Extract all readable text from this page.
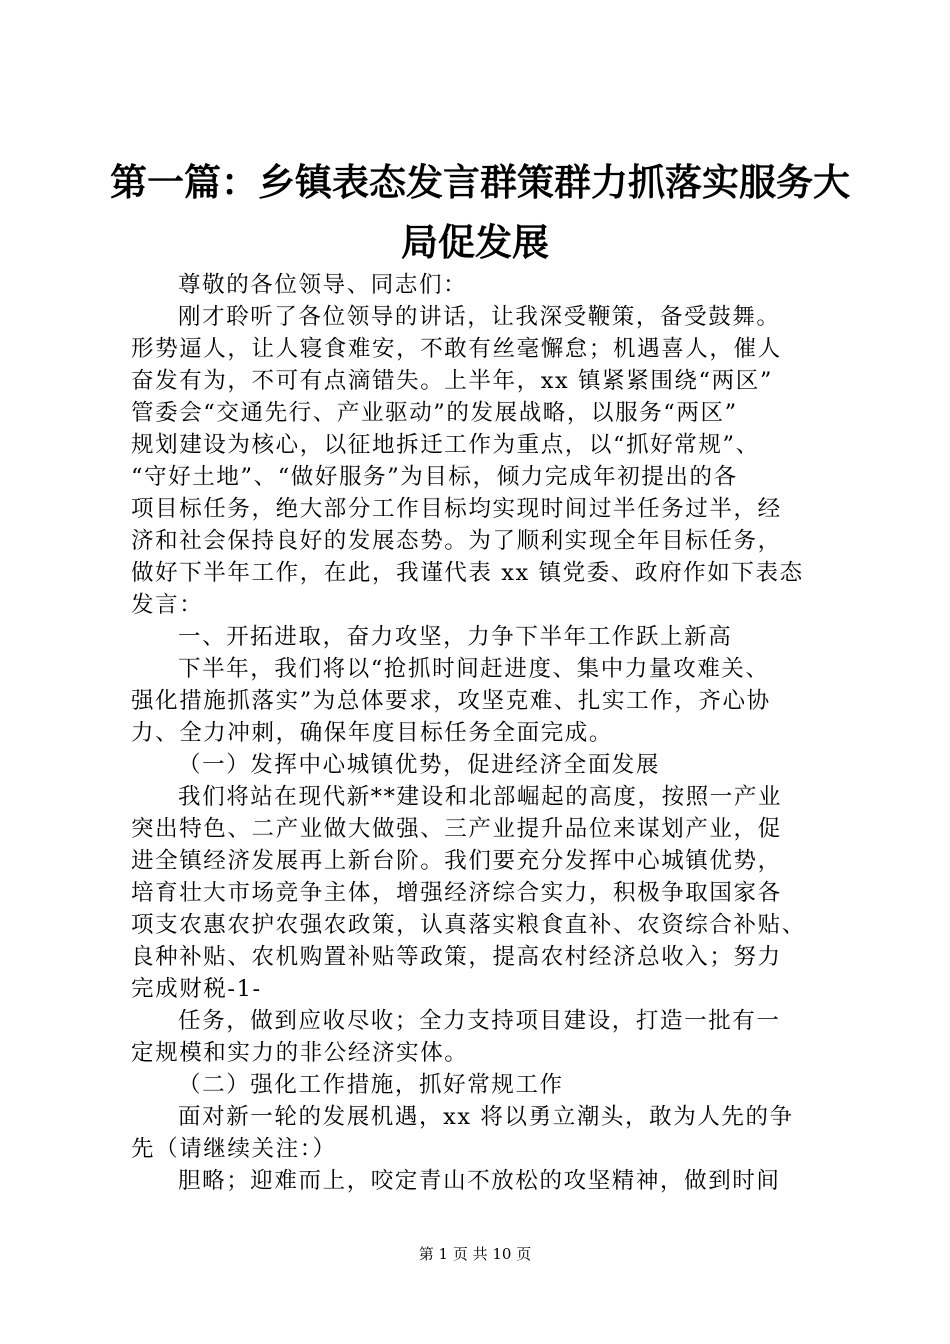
第一篇：乡镇表态发言群策群力抓落实服务大
局促发展
尊敬的各位领导、同志们：
刚才聆听了各位领导的讲话，让我深受鞭策，备受鼓舞。
形势逼人，让人寝食难安，不敢有丝毫懈怠；机遇喜人，催人
奋发有为，不可有点滴错失。上半年，xx 镇紧紧围绕“两区”
管委会“交通先行、产业驱动”的发展战略，以服务“两区”
规划建设为核心，以征地拆迁工作为重点，以“抓好常规”、
“守好土地”、“做好服务”为目标，倾力完成年初提出的各
项目标任务，绝大部分工作目标均实现时间过半任务过半，经
济和社会保持良好的发展态势。为了顺利实现全年目标任务，
做好下半年工作，在此，我谨代表 xx 镇党委、政府作如下表态
发言：
一、开拓进取，奋力攻坚，力争下半年工作跃上新高
下半年，我们将以“抢抓时间赶进度、集中力量攻难关、
强化措施抓落实”为总体要求，攻坚克难、扎实工作，齐心协
力、全力冲刺，确保年度目标任务全面完成。
（一）发挥中心城镇优势，促进经济全面发展
我们将站在现代新**建设和北部崛起的高度，按照一产业
突出特色、二产业做大做强、三产业提升品位来谋划产业，促
进全镇经济发展再上新台阶。我们要充分发挥中心城镇优势，
培育壮大市场竞争主体，增强经济综合实力，积极争取国家各
项支农惠农护农强农政策，认真落实粮食直补、农资综合补贴、
良种补贴、农机购置补贴等政策，提高农村经济总收入；努力
完成财税-1-
任务，做到应收尽收；全力支持项目建设，打造一批有一
定规模和实力的非公经济实体。
（二）强化工作措施，抓好常规工作
面对新一轮的发展机遇，xx 将以勇立潮头，敢为人先的争
先（请继续关注：）
胆略；迎难而上，咬定青山不放松的攻坚精神，做到时间
第 1 页 共 10 页
